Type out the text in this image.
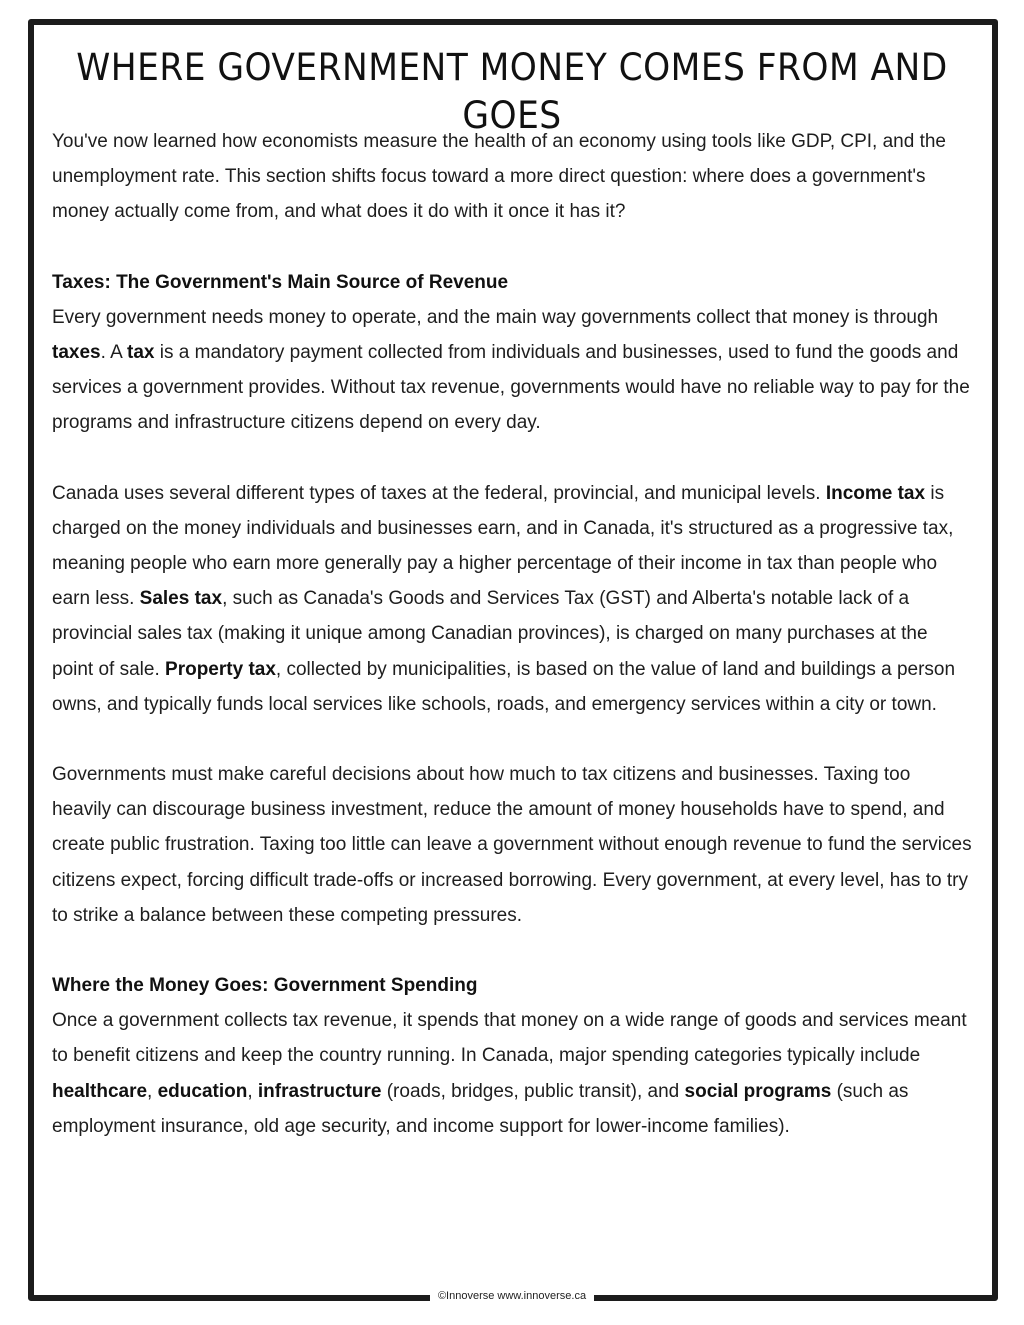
WHERE GOVERNMENT MONEY COMES FROM AND GOES

You've now learned how economists measure the health of an economy using tools like GDP, CPI, and the unemployment rate. This section shifts focus toward a more direct question: where does a government's money actually come from, and what does it do with it once it has it?

Taxes: The Government's Main Source of Revenue

Every government needs money to operate, and the main way governments collect that money is through taxes. A tax is a mandatory payment collected from individuals and businesses, used to fund the goods and services a government provides. Without tax revenue, governments would have no reliable way to pay for the programs and infrastructure citizens depend on every day.

Canada uses several different types of taxes at the federal, provincial, and municipal levels. Income tax is charged on the money individuals and businesses earn, and in Canada, it's structured as a progressive tax, meaning people who earn more generally pay a higher percentage of their income in tax than people who earn less. Sales tax, such as Canada's Goods and Services Tax (GST) and Alberta's notable lack of a provincial sales tax (making it unique among Canadian provinces), is charged on many purchases at the point of sale. Property tax, collected by municipalities, is based on the value of land and buildings a person owns, and typically funds local services like schools, roads, and emergency services within a city or town.

Governments must make careful decisions about how much to tax citizens and businesses. Taxing too heavily can discourage business investment, reduce the amount of money households have to spend, and create public frustration. Taxing too little can leave a government without enough revenue to fund the services citizens expect, forcing difficult trade-offs or increased borrowing. Every government, at every level, has to try to strike a balance between these competing pressures.

Where the Money Goes: Government Spending

Once a government collects tax revenue, it spends that money on a wide range of goods and services meant to benefit citizens and keep the country running. In Canada, major spending categories typically include healthcare, education, infrastructure (roads, bridges, public transit), and social programs (such as employment insurance, old age security, and income support for lower-income families).

©Innoverse www.innoverse.ca
